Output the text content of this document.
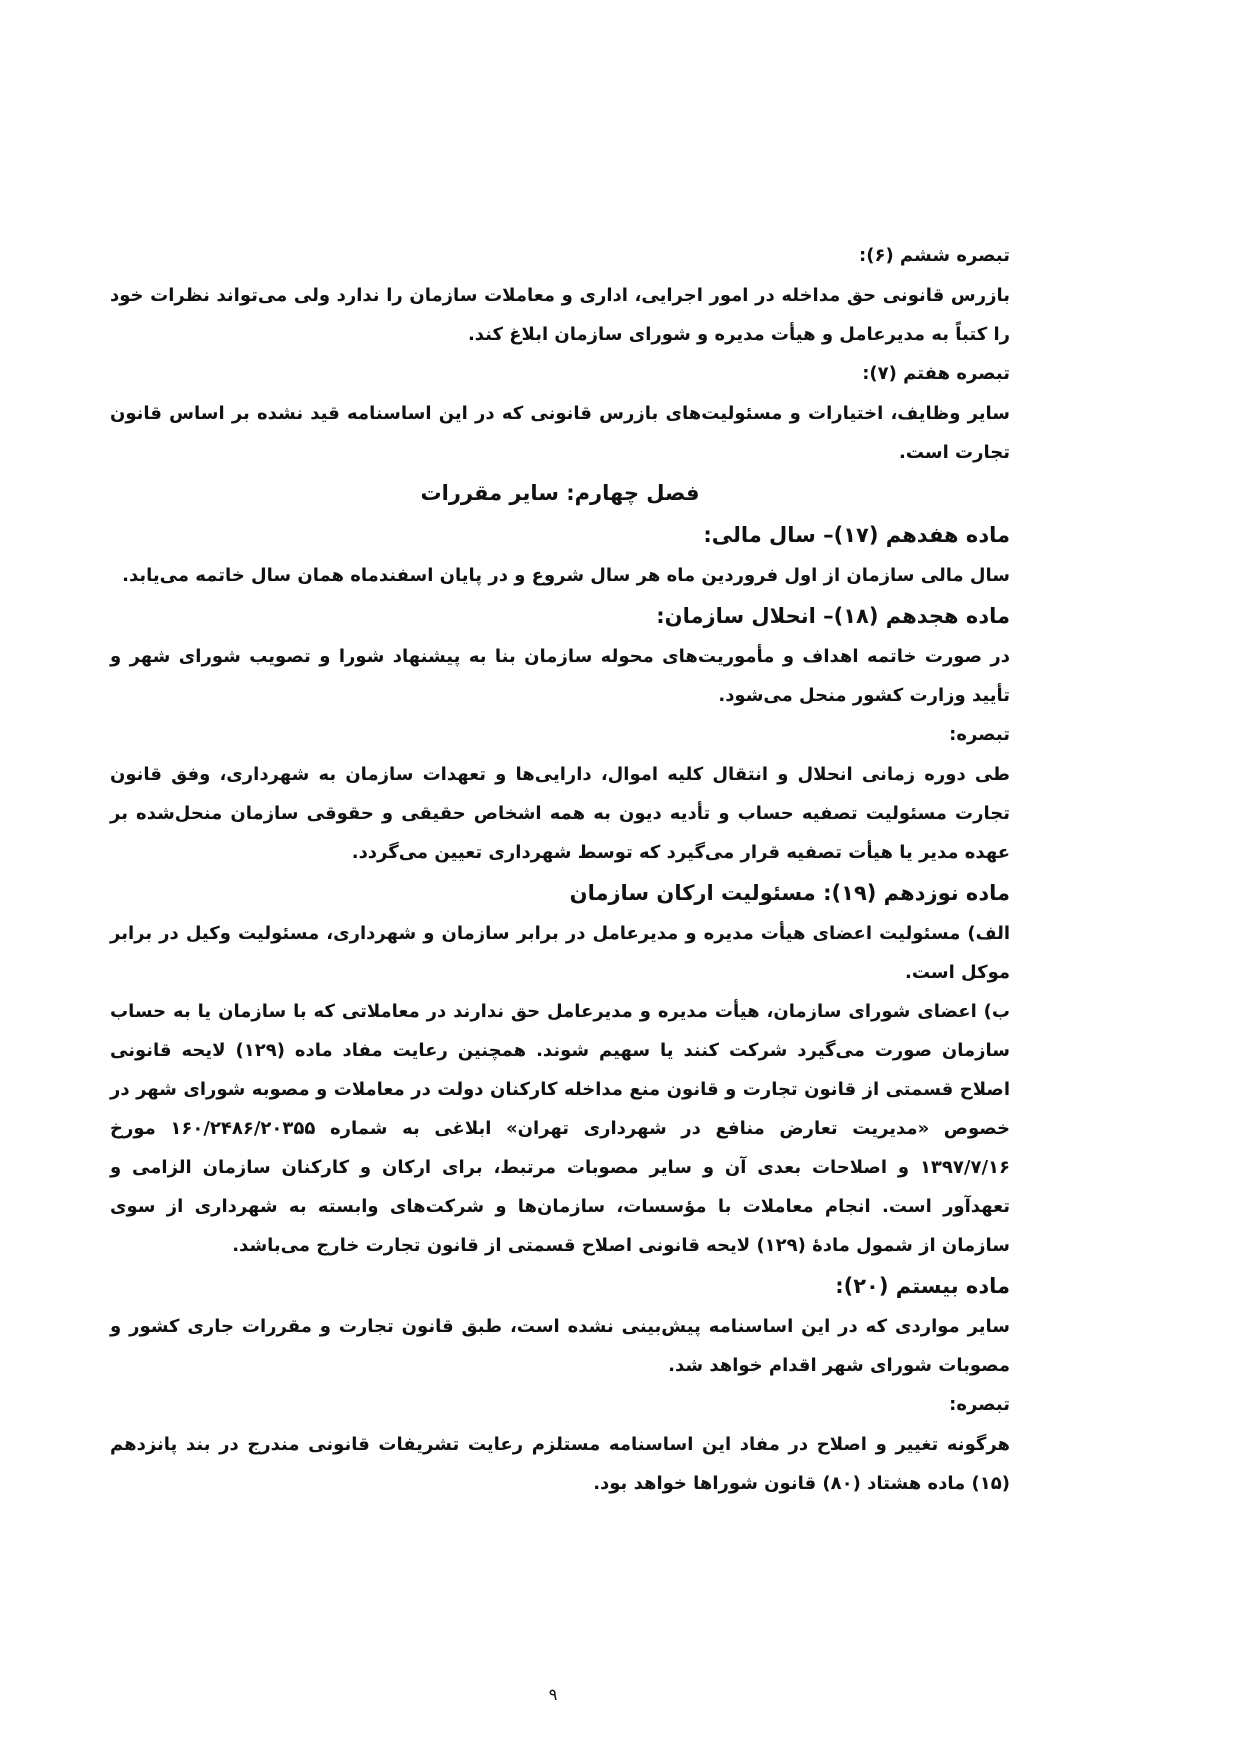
تبصره ششم (۶):

بازرس قانونی حق مداخله در امور اجرایی، اداری و معاملات سازمان را ندارد ولی می‌تواند نظرات خود را کتباً به مدیرعامل و هیأت مدیره و شورای سازمان ابلاغ کند.

تبصره هفتم (۷):

سایر وظایف، اختیارات و مسئولیت‌های بازرس قانونی که در این اساسنامه قید نشده بر اساس قانون تجارت است.

فصل چهارم: سایر مقررات
ماده هفدهم (۱۷)– سال مالی:

سال مالی سازمان از اول فروردین ماه هر سال شروع و در پایان اسفندماه همان سال خاتمه می‌یابد.

ماده هجدهم (۱۸)– انحلال سازمان:

در صورت خاتمه اهداف و مأموریت‌های محوله سازمان بنا به پیشنهاد شورا و تصویب شورای شهر و تأیید وزارت کشور منحل می‌شود.

تبصره:

طی دوره زمانی انحلال و انتقال کلیه اموال، دارایی‌ها و تعهدات سازمان به شهرداری، وفق قانون تجارت مسئولیت تصفیه حساب و تأدیه دیون به همه اشخاص حقیقی و حقوقی سازمان منحل‌شده بر عهده مدیر یا هیأت تصفیه قرار می‌گیرد که توسط شهرداری تعیین می‌گردد.

ماده نوزدهم (۱۹): مسئولیت ارکان سازمان

الف) مسئولیت اعضای هیأت مدیره و مدیرعامل در برابر سازمان و شهرداری، مسئولیت وکیل در برابر موکل است.

ب) اعضای شورای سازمان، هیأت مدیره و مدیرعامل حق ندارند در معاملاتی که با سازمان یا به حساب سازمان صورت می‌گیرد شرکت کنند یا سهیم شوند. همچنین رعایت مفاد ماده (۱۲۹) لایحه قانونی اصلاح قسمتی از قانون تجارت و قانون منع مداخله کارکنان دولت در معاملات و مصوبه شورای شهر در خصوص «مدیریت تعارض منافع در شهرداری تهران» ابلاغی به شماره ۱۶۰/۲۴۸۶/۲۰۳۵۵ مورخ ۱۳۹۷/۷/۱۶ و اصلاحات بعدی آن و سایر مصوبات مرتبط، برای ارکان و کارکنان سازمان الزامی و تعهدآور است. انجام معاملات با مؤسسات، سازمان‌ها و شرکت‌های وابسته به شهرداری از سوی سازمان از شمول مادهٔ (۱۲۹) لایحه قانونی اصلاح قسمتی از قانون تجارت خارج می‌باشد.

ماده بیستم (۲۰):

سایر مواردی که در این اساسنامه پیش‌بینی نشده است، طبق قانون تجارت و مقررات جاری کشور و مصوبات شورای شهر اقدام خواهد شد.

تبصره:

هرگونه تغییر و اصلاح در مفاد این اساسنامه مستلزم رعایت تشریفات قانونی مندرج در بند پانزدهم (۱۵) ماده هشتاد (۸۰) قانون شوراها خواهد بود.

۹
